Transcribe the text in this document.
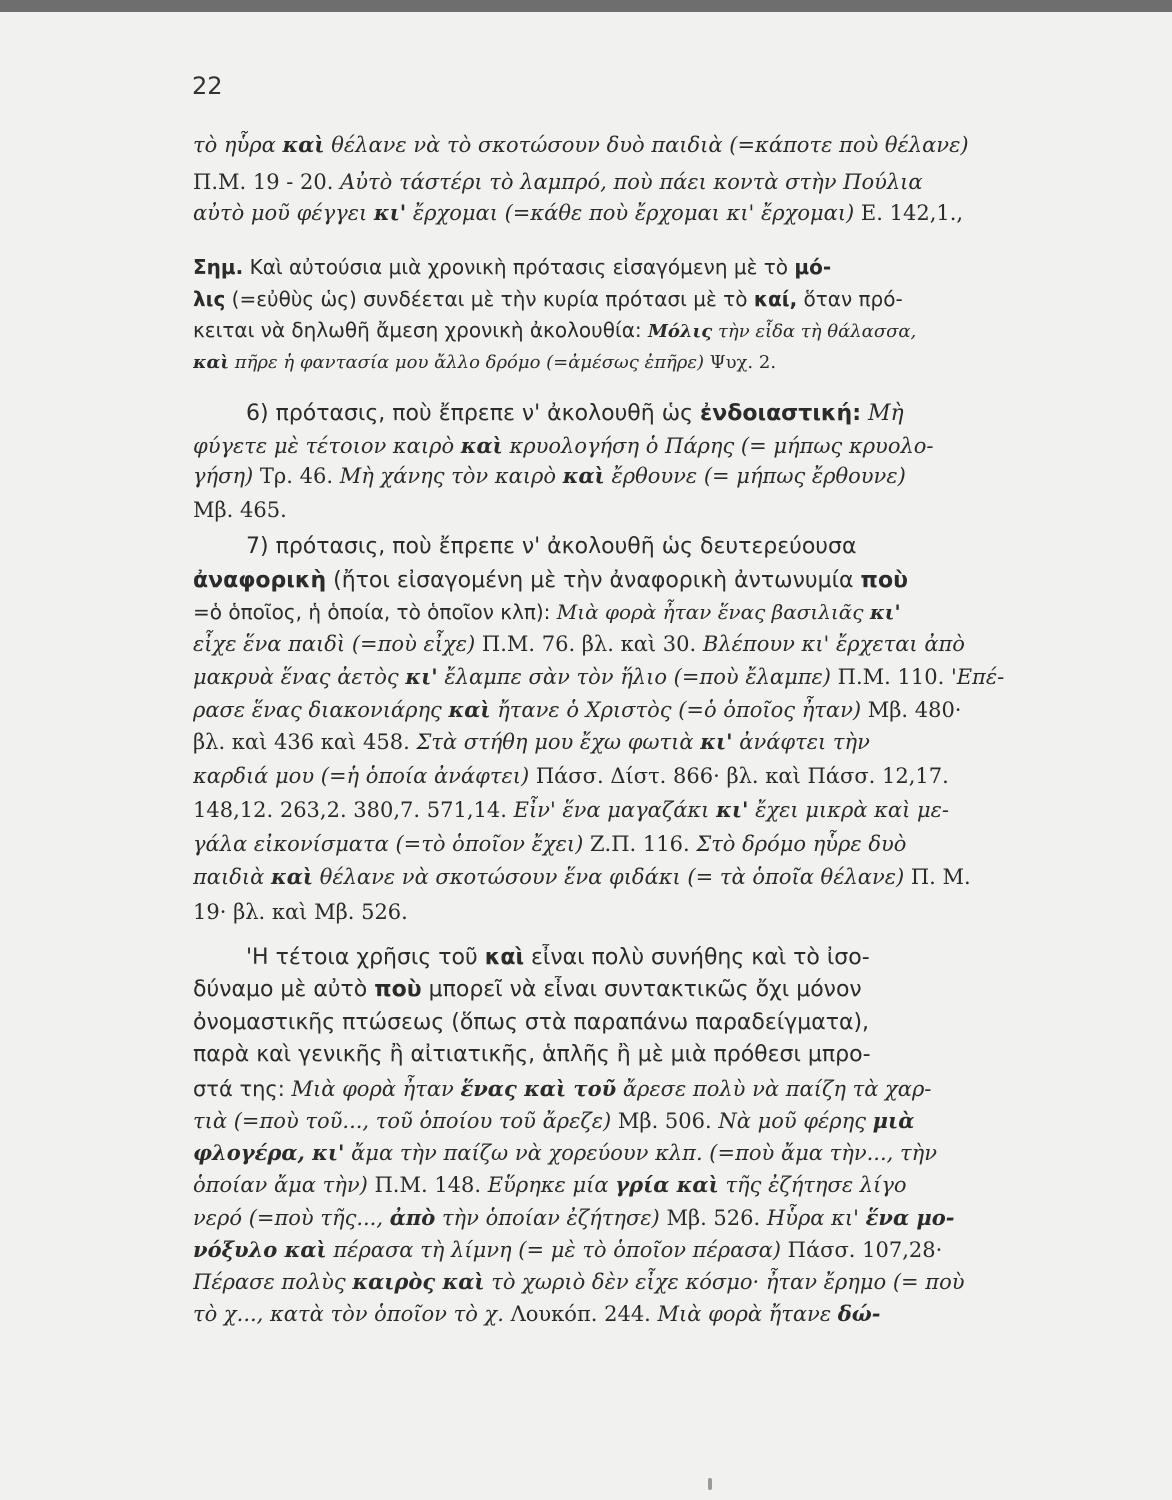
22
τὸ ηὗρα καὶ θέλανε νὰ τὸ σκοτώσουν δυὸ παιδιὰ (=κάποτε ποὺ θέλανε)
Π.Μ. 19 - 20. Αὐτὸ τάστέρι τὸ λαμπρό, ποὺ πάει κοντὰ στὴν Πούλια
αὐτὸ μοῦ φέγγει κι' ἔρχομαι (=κάθε ποὺ ἔρχομαι κι' ἔρχομαι) Ε. 142,1.,
Σημ. Καὶ αὐτούσια μιὰ χρονικὴ πρότασις εἰσαγόμενη μὲ τὸ μό-
λις (=εὐθὺς ὡς) συνδέεται μὲ τὴν κυρία πρότασι μὲ τὸ καί, ὅταν πρό-
κειται νὰ δηλωθῆ ἄμεση χρονικὴ ἀκολουθία: Μόλις τὴν εἶδα τὴ θάλασσα,
καὶ πῆρε ἡ φαντασία μου ἄλλο δρόμο (=ἀμέσως ἐπῆρε) Ψυχ. 2.
6) πρότασις, ποὺ ἔπρεπε ν' ἀκολουθῆ ὡς ἐνδοιαστική: Μὴ
φύγετε μὲ τέτοιον καιρὸ καὶ κρυολογήση ὁ Πάρης (= μήπως κρυολο-
γήση) Τρ. 46. Μὴ χάνης τὸν καιρὸ καὶ ἔρθουνε (= μήπως ἔρθουνε)
Μβ. 465.
7) πρότασις, ποὺ ἔπρεπε ν' ἀκολουθῆ ὡς δευτερεύουσα
ἀναφορικὴ (ἤτοι εἰσαγομένη μὲ τὴν ἀναφορικὴ ἀντωνυμία ποὺ
=ὁ ὁποῖος, ἡ ὁποία, τὸ ὁποῖον κλπ): Μιὰ φορὰ ἦταν ἕνας βασιλιᾶς κι'
εἶχε ἕνα παιδὶ (=ποὺ εἶχε) Π.Μ. 76. βλ. καὶ 30. Βλέπουν κι' ἔρχεται ἀπὸ
μακρυὰ ἕνας ἀετὸς κι' ἔλαμπε σὰν τὸν ἥλιο (=ποὺ ἔλαμπε) Π.Μ. 110. 'Επέ-
ρασε ἕνας διακονιάρης καὶ ἤτανε ὁ Χριστὸς (=ὁ ὁποῖος ἦταν) Μβ. 480·
βλ. καὶ 436 καὶ 458. Στὰ στήθη μου ἔχω φωτιὰ κι' ἀνάφτει τὴν
καρδιά μου (=ἡ ὁποία ἀνάφτει) Πάσσ. Δίστ. 866· βλ. καὶ Πάσσ. 12,17.
148,12. 263,2. 380,7. 571,14. Εἶν' ἕνα μαγαζάκι κι' ἔχει μικρὰ καὶ με-
γάλα εἰκονίσματα (=τὸ ὁποῖον ἔχει) Ζ.Π. 116. Στὸ δρόμο ηὗρε δυὸ
παιδιὰ καὶ θέλανε νὰ σκοτώσουν ἕνα φιδάκι (= τὰ ὁποῖα θέλανε) Π. Μ.
19· βλ. καὶ Μβ. 526.
'Η τέτοια χρῆσις τοῦ καὶ εἶναι πολὺ συνήθης καὶ τὸ ἰσο-
δύναμο μὲ αὐτὸ ποὺ μπορεῖ νὰ εἶναι συντακτικῶς ὄχι μόνον
ὀνομαστικῆς πτώσεως (ὅπως στὰ παραπάνω παραδείγματα),
παρὰ καὶ γενικῆς ἢ αἰτιατικῆς, ἁπλῆς ἢ μὲ μιὰ πρόθεσι μπρο-
στά της: Μιὰ φορὰ ἦταν ἕνας καὶ τοῦ ἄρεσε πολὺ νὰ παίζη τὰ χαρ-
τιὰ (=ποὺ τοῦ..., τοῦ ὁποίου τοῦ ἄρεζε) Μβ. 506. Νὰ μοῦ φέρης μιὰ
φλογέρα, κι' ἄμα τὴν παίζω νὰ χορεύουν κλπ. (=ποὺ ἄμα τὴν..., τὴν
ὁποίαν ἄμα τὴν) Π.Μ. 148. Εὕρηκε μία γρία καὶ τῆς ἐζήτησε λίγο
νερό (=ποὺ τῆς..., ἀπὸ τὴν ὁποίαν ἐζήτησε) Μβ. 526. Ηὗρα κι' ἕνα μο-
νόξυλο καὶ πέρασα τὴ λίμνη (= μὲ τὸ ὁποῖον πέρασα) Πάσσ. 107,28·
Πέρασε πολὺς καιρὸς καὶ τὸ χωριὸ δὲν εἶχε κόσμο· ἦταν ἔρημο (= ποὺ
τὸ χ..., κατὰ τὸν ὁποῖον τὸ χ. Λουκόπ. 244. Μιὰ φορὰ ἤτανε δώ-
